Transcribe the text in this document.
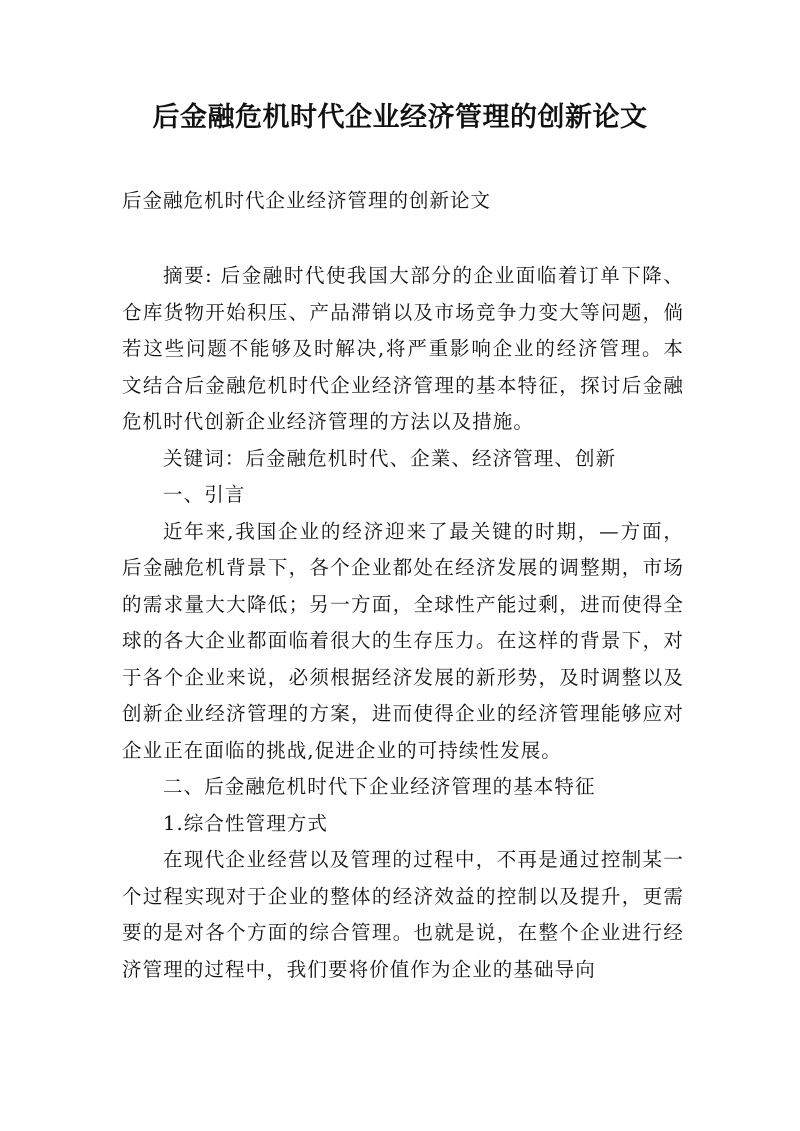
后金融危机时代企业经济管理的创新论文
后金融危机时代企业经济管理的创新论文

摘要: 后金融时代使我国大部分的企业面临着订单下降、仓库货物开始积压、产品滞销以及市场竞争力变大等问题，倘若这些问题不能够及时解决,将严重影响企业的经济管理。本文结合后金融危机时代企业经济管理的基本特征，探讨后金融危机时代创新企业经济管理的方法以及措施。

关键词：后金融危机时代、企業、经济管理、创新

一、引言

近年来,我国企业的经济迎来了最关键的时期，—方面，后金融危机背景下，各个企业都处在经济发展的调整期，市场的需求量大大降低；另一方面，全球性产能过剩，进而使得全球的各大企业都面临着很大的生存压力。在这样的背景下，对于各个企业来说，必须根据经济发展的新形势，及时调整以及创新企业经济管理的方案，进而使得企业的经济管理能够应对企业正在面临的挑战,促进企业的可持续性发展。

二、后金融危机时代下企业经济管理的基本特征

1.综合性管理方式

在现代企业经营以及管理的过程中，不再是通过控制某一个过程实现对于企业的整体的经济效益的控制以及提升，更需要的是对各个方面的综合管理。也就是说，在整个企业进行经济管理的过程中，我们要将价值作为企业的基础导向
